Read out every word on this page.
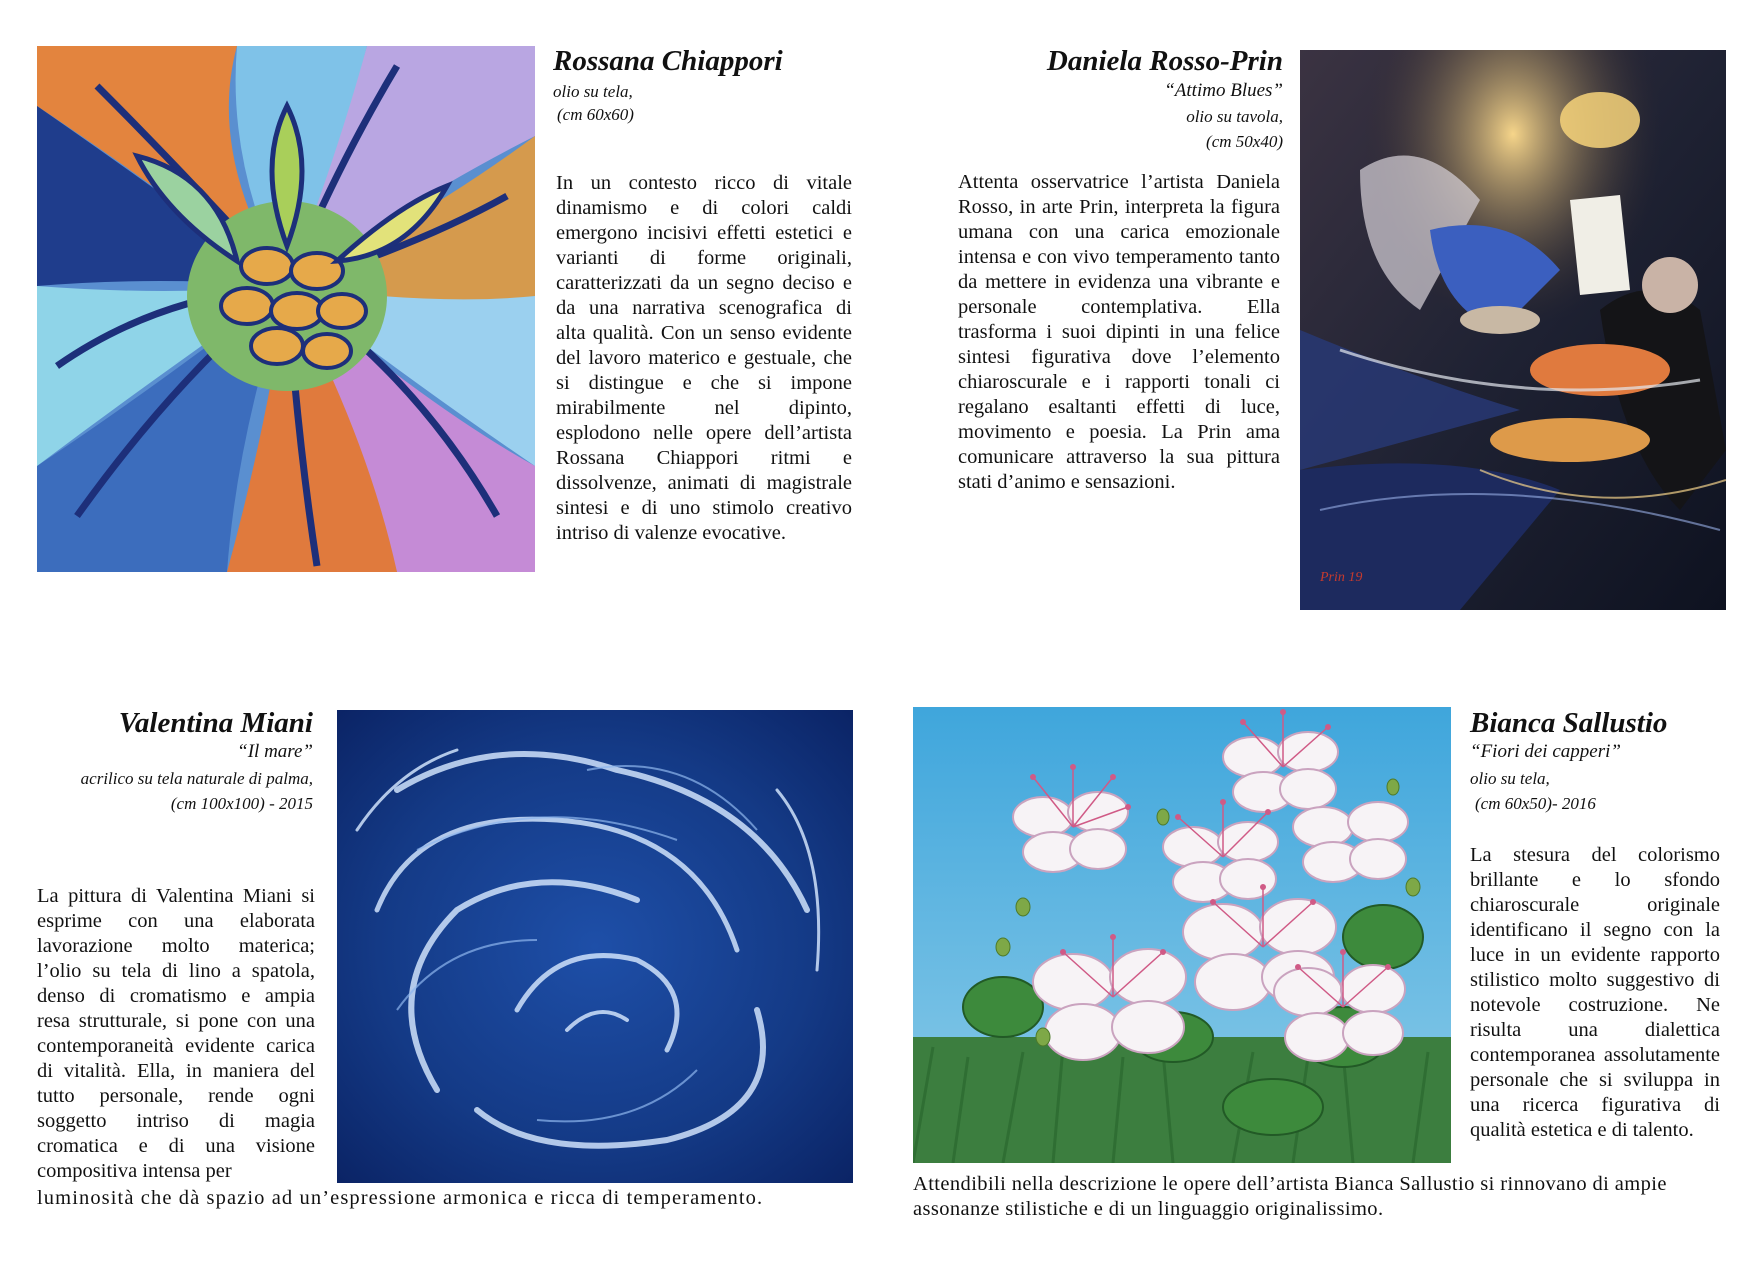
Rossana Chiappori
olio su tela,
(cm 60x60)
In un contesto ricco di vitale dinamismo e di colori caldi emergono incisivi effetti estetici e varianti di forme originali, caratterizzati da un segno deciso e da una narrativa scenografica di alta qualità. Con un senso evidente del lavoro materico e gestuale, che si distingue e che si impone mirabilmente nel dipinto, esplodono nelle opere dell’artista Rossana Chiappori ritmi e dissolvenze, animati di magistrale sintesi e di uno stimolo creativo intriso di valenze evocative.
Prin 19
Daniela Rosso-Prin
“Attimo Blues”
olio su tavola,
(cm 50x40)
Attenta osservatrice l’artista Daniela Rosso, in arte Prin, interpreta la figura umana con una carica emozionale intensa e con vivo temperamento tanto da mettere in evidenza una vibrante e personale contemplativa. Ella trasforma i suoi dipinti in una felice sintesi figurativa dove l’elemento chiaroscurale e i rapporti tonali ci regalano esaltanti effetti di luce, movimento e poesia. La Prin ama comunicare attraverso la sua pittura stati d’animo e sensazioni.
Valentina Miani
“Il mare”
acrilico su tela naturale di palma,
(cm 100x100) - 2015
La pittura di Valentina Miani si esprime con una elaborata lavorazione molto materica; l’olio su tela di lino a spatola, denso di cromatismo e ampia resa strutturale, si pone con una contemporaneità evidente carica di vitalità. Ella, in maniera del tutto personale, rende ogni soggetto intriso di magia cromatica e di una visione compositiva intensa per
luminosità che dà spazio ad un’espressione armonica e ricca di temperamento.
Bianca Sallustio
“Fiori dei capperi”
olio su tela,
(cm 60x50)- 2016
La stesura del colorismo brillante e lo sfondo chiaroscurale originale identificano il segno con la luce in un evidente rapporto stilistico molto suggestivo di notevole costruzione. Ne risulta una dialettica contemporanea assolutamente personale che si sviluppa in una ricerca figurativa di qualità estetica e di talento.
Attendibili nella descrizione le opere dell’artista Bianca Sallustio si rinnovano di ampie assonanze stilistiche e di un linguaggio originalissimo.
